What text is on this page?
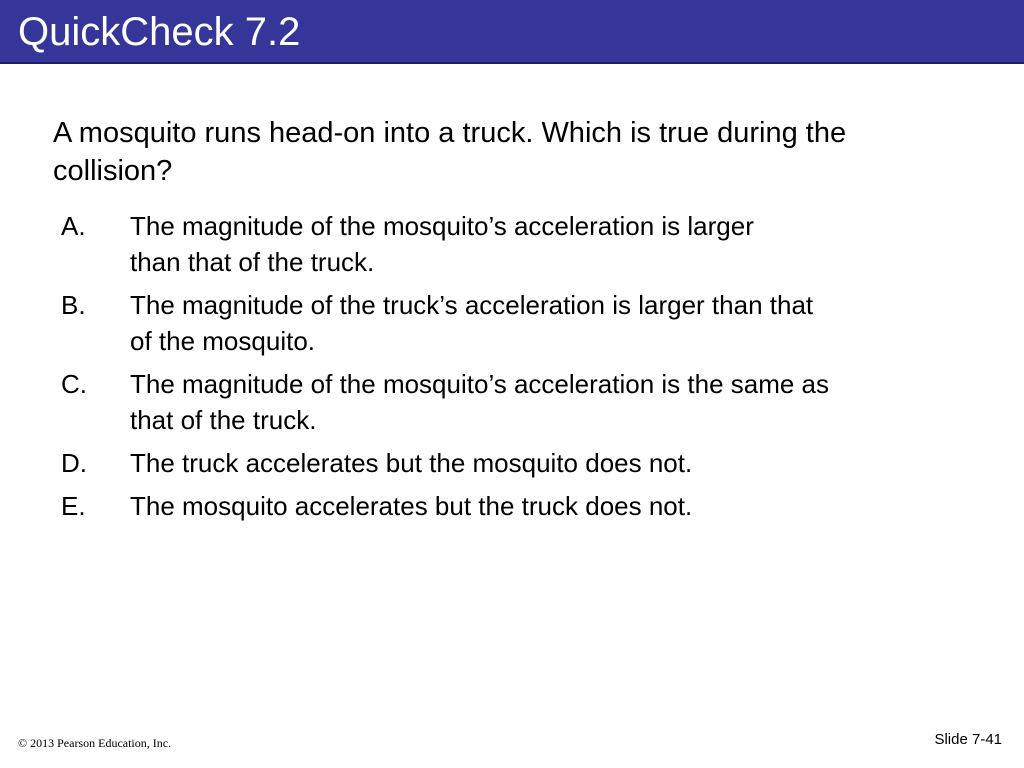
QuickCheck 7.2
A mosquito runs head-on into a truck. Which is true during the collision?
A. The magnitude of the mosquito’s acceleration is larger
than that of the truck.
B. The magnitude of the truck’s acceleration is larger than that
of the mosquito.
C. The magnitude of the mosquito’s acceleration is the same as
that of the truck.
D. The truck accelerates but the mosquito does not.
E. The mosquito accelerates but the truck does not.
© 2013 Pearson Education, Inc.	Slide 7-41
